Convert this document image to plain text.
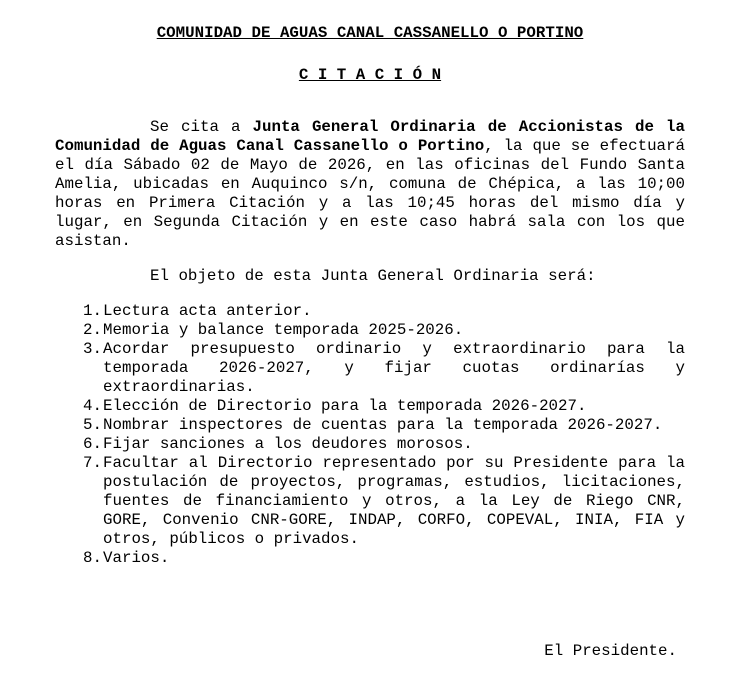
COMUNIDAD DE AGUAS CANAL CASSANELLO O PORTINO
C I T A C I Ó N

Se cita a Junta General Ordinaria de Accionistas de la Comunidad de Aguas Canal Cassanello o Portino, la que se efectuará el día Sábado 02 de Mayo de 2026, en las oficinas del Fundo Santa Amelia, ubicadas en Auquinco s/n, comuna de Chépica, a las 10;00 horas en Primera Citación y a las 10;45 horas del mismo día y lugar, en Segunda Citación y en este caso habrá sala con los que asistan.

El objeto de esta Junta General Ordinaria será:
1. Lectura acta anterior.
2. Memoria y balance temporada 2025-2026.
3. Acordar presupuesto ordinario y extraordinario para la temporada 2026-2027, y fijar cuotas ordinarías y extraordinarias.
4. Elección de Directorio para la temporada 2026-2027.
5. Nombrar inspectores de cuentas para la temporada 2026-2027.
6. Fijar sanciones a los deudores morosos.
7. Facultar al Directorio representado por su Presidente para la postulación de proyectos, programas, estudios, licitaciones, fuentes de financiamiento y otros, a la Ley de Riego CNR, GORE, Convenio CNR-GORE, INDAP, CORFO, COPEVAL, INIA, FIA y otros, públicos o privados.
8. Varios.
El Presidente.
